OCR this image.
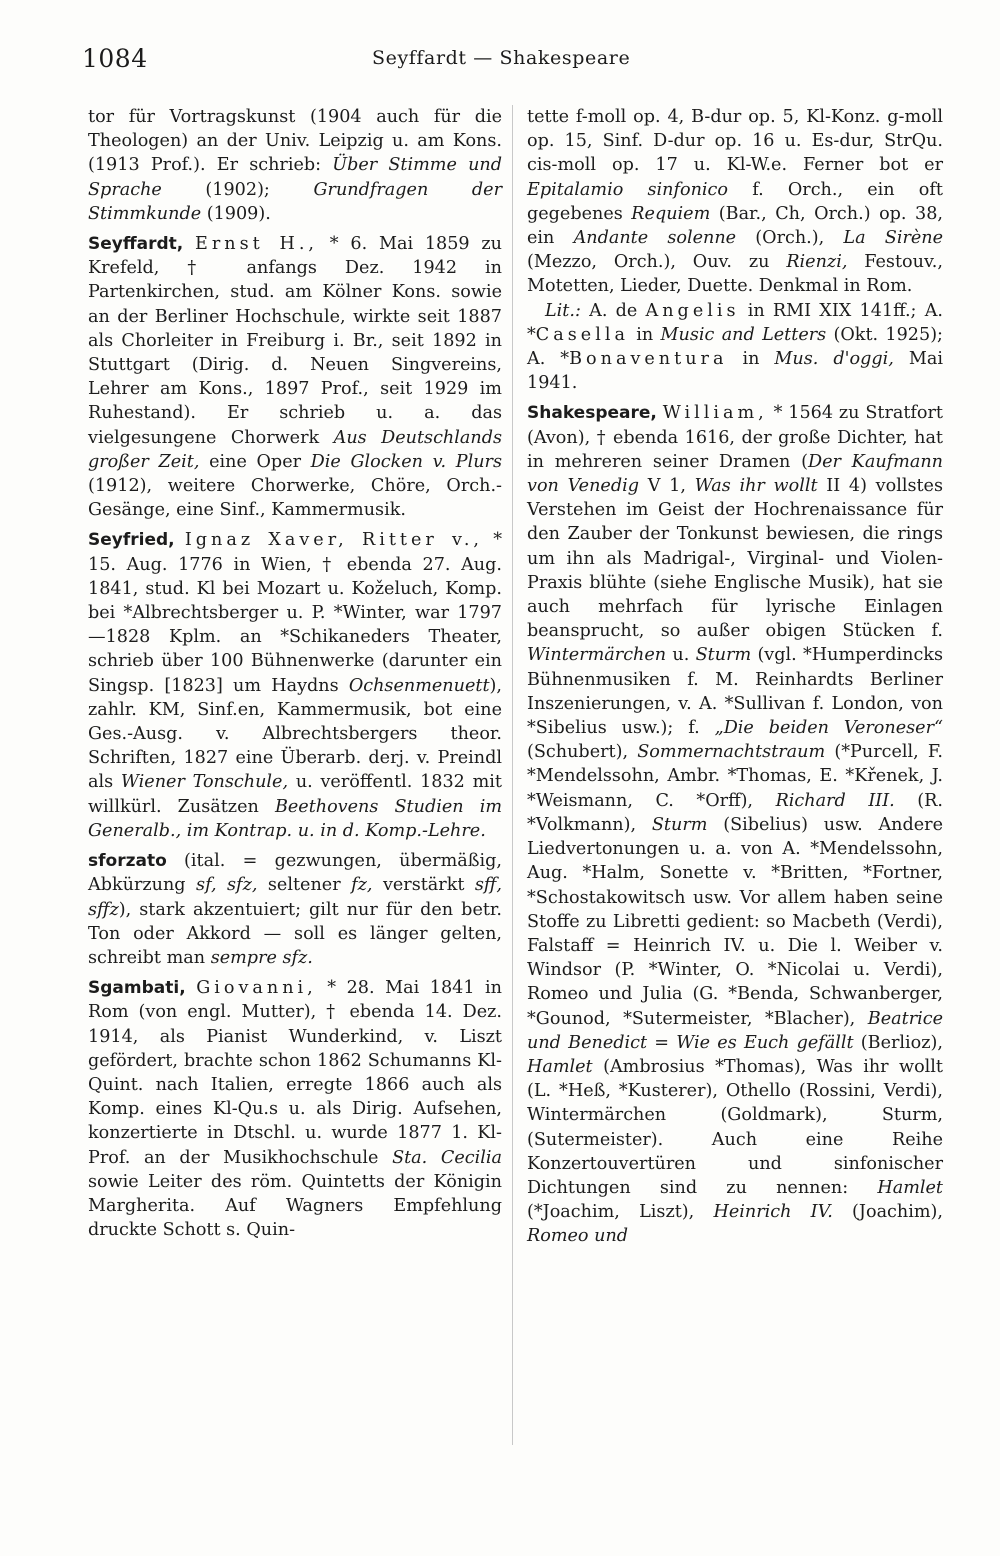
1084	Seyffardt — Shakespeare

tor für Vortragskunst (1904 auch für die Theologen) an der Univ. Leipzig u. am Kons. (1913 Prof.). Er schrieb: Über Stimme und Sprache (1902); Grundfragen der Stimmkunde (1909).

Seyffardt, Ernst H., * 6. Mai 1859 zu Krefeld, † anfangs Dez. 1942 in Partenkirchen, stud. am Kölner Kons. sowie an der Berliner Hochschule, wirkte seit 1887 als Chorleiter in Freiburg i. Br., seit 1892 in Stuttgart (Dirig. d. Neuen Singvereins, Lehrer am Kons., 1897 Prof., seit 1929 im Ruhestand). Er schrieb u. a. das vielgesungene Chorwerk Aus Deutschlands großer Zeit, eine Oper Die Glocken v. Plurs (1912), weitere Chorwerke, Chöre, Orch.-Gesänge, eine Sinf., Kammermusik.

Seyfried, Ignaz Xaver, Ritter v., * 15. Aug. 1776 in Wien, † ebenda 27. Aug. 1841, stud. Kl bei Mozart u. Koželuch, Komp. bei *Albrechtsberger u. P. *Winter, war 1797—1828 Kplm. an *Schikaneders Theater, schrieb über 100 Bühnenwerke (darunter ein Singsp. [1823] um Haydns Ochsenmenuett), zahlr. KM, Sinf.en, Kammermusik, bot eine Ges.-Ausg. v. Albrechtsbergers theor. Schriften, 1827 eine Überarb. derj. v. Preindl als Wiener Tonschule, u. veröffentl. 1832 mit willkürl. Zusätzen Beethovens Studien im Generalb., im Kontrap. u. in d. Komp.-Lehre.

sforzato (ital. = gezwungen, übermäßig, Abkürzung sf, sfz, seltener fz, verstärkt sff, sffz), stark akzentuiert; gilt nur für den betr. Ton oder Akkord — soll es länger gelten, schreibt man sempre sfz.

Sgambati, Giovanni, * 28. Mai 1841 in Rom (von engl. Mutter), † ebenda 14. Dez. 1914, als Pianist Wunderkind, v. Liszt gefördert, brachte schon 1862 Schumanns Kl-Quint. nach Italien, erregte 1866 auch als Komp. eines Kl-Qu.s u. als Dirig. Aufsehen, konzertierte in Dtschl. u. wurde 1877 1. Kl-Prof. an der Musikhochschule Sta. Cecilia sowie Leiter des röm. Quintetts der Königin Margherita. Auf Wagners Empfehlung druckte Schott s. Quin-

tette f-moll op. 4, B-dur op. 5, Kl-Konz. g-moll op. 15, Sinf. D-dur op. 16 u. Es-dur, StrQu. cis-moll op. 17 u. Kl-W.e. Ferner bot er Epitalamio sinfonico f. Orch., ein oft gegebenes Requiem (Bar., Ch, Orch.) op. 38, ein Andante solenne (Orch.), La Sirène (Mezzo, Orch.), Ouv. zu Rienzi, Festouv., Motetten, Lieder, Duette. Denkmal in Rom.

Lit.: A. de Angelis in RMI XIX 141ff.; A. *Casella in Music and Letters (Okt. 1925); A. *Bonaventura in Mus. d'oggi, Mai 1941.

Shakespeare, William, * 1564 zu Stratfort (Avon), † ebenda 1616, der große Dichter, hat in mehreren seiner Dramen (Der Kaufmann von Venedig V 1, Was ihr wollt II 4) vollstes Verstehen im Geist der Hochrenaissance für den Zauber der Tonkunst bewiesen, die rings um ihn als Madrigal-, Virginal- und Violen-Praxis blühte (siehe Englische Musik), hat sie auch mehrfach für lyrische Einlagen beansprucht, so außer obigen Stücken f. Wintermärchen u. Sturm (vgl. *Humperdincks Bühnenmusiken f. M. Reinhardts Berliner Inszenierungen, v. A. *Sullivan f. London, von *Sibelius usw.); f. „Die beiden Veroneser“ (Schubert), Sommernachtstraum (*Purcell, F. *Mendelssohn, Ambr. *Thomas, E. *Křenek, J. *Weismann, C. *Orff), Richard III. (R. *Volkmann), Sturm (Sibelius) usw. Andere Liedvertonungen u. a. von A. *Mendelssohn, Aug. *Halm, Sonette v. *Britten, *Fortner, *Schostakowitsch usw. Vor allem haben seine Stoffe zu Libretti gedient: so Macbeth (Verdi), Falstaff = Heinrich IV. u. Die l. Weiber v. Windsor (P. *Winter, O. *Nicolai u. Verdi), Romeo und Julia (G. *Benda, Schwanberger, *Gounod, *Sutermeister, *Blacher), Beatrice und Benedict = Wie es Euch gefällt (Berlioz), Hamlet (Ambrosius *Thomas), Was ihr wollt (L. *Heß, *Kusterer), Othello (Rossini, Verdi), Wintermärchen (Goldmark), Sturm, (Sutermeister). Auch eine Reihe Konzertouvertüren und sinfonischer Dichtungen sind zu nennen: Hamlet (*Joachim, Liszt), Heinrich IV. (Joachim), Romeo und
